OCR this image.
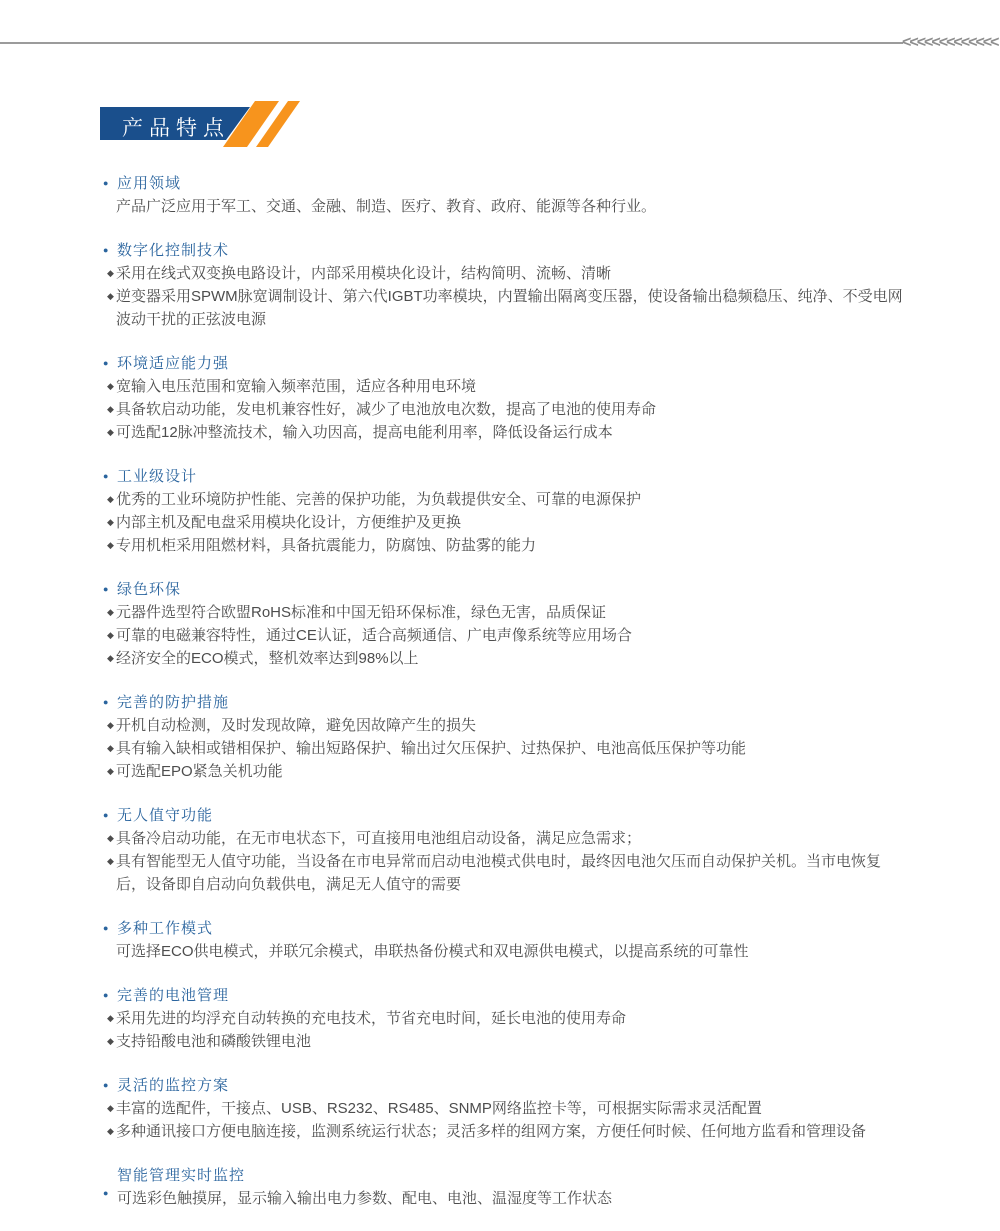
<<<<<<<<<<<<<
产品特点
● 应用领域

产品广泛应用于军工、交通、金融、制造、医疗、教育、政府、能源等各种行业。

● 数字化控制技术

◆ 采用在线式双变换电路设计，内部采用模块化设计，结构简明、流畅、清晰

◆ 逆变器采用SPWM脉宽调制设计、第六代IGBT功率模块，内置输出隔离变压器，使设备输出稳频稳压、纯净、不受电网波动干扰的正弦波电源

● 环境适应能力强

◆ 宽输入电压范围和宽输入频率范围，适应各种用电环境

◆ 具备软启动功能，发电机兼容性好，减少了电池放电次数，提高了电池的使用寿命

◆ 可选配12脉冲整流技术，输入功因高，提高电能利用率，降低设备运行成本

● 工业级设计

◆ 优秀的工业环境防护性能、完善的保护功能，为负载提供安全、可靠的电源保护

◆ 内部主机及配电盘采用模块化设计，方便维护及更换

◆ 专用机柜采用阻燃材料，具备抗震能力，防腐蚀、防盐雾的能力

● 绿色环保

◆ 元器件选型符合欧盟RoHS标准和中国无铅环保标准，绿色无害，品质保证

◆ 可靠的电磁兼容特性，通过CE认证，适合高频通信、广电声像系统等应用场合

◆ 经济安全的ECO模式，整机效率达到98%以上

● 完善的防护措施

◆ 开机自动检测，及时发现故障，避免因故障产生的损失

◆ 具有输入缺相或错相保护、输出短路保护、输出过欠压保护、过热保护、电池高低压保护等功能

◆ 可选配EPO紧急关机功能

● 无人值守功能

◆ 具备冷启动功能，在无市电状态下，可直接用电池组启动设备，满足应急需求；

◆ 具有智能型无人值守功能，当设备在市电异常而启动电池模式供电时，最终因电池欠压而自动保护关机。当市电恢复后，设备即自启动向负载供电，满足无人值守的需要

● 多种工作模式

可选择ECO供电模式，并联冗余模式，串联热备份模式和双电源供电模式，以提高系统的可靠性

● 完善的电池管理

◆ 采用先进的均浮充自动转换的充电技术，节省充电时间，延长电池的使用寿命

◆ 支持铅酸电池和磷酸铁锂电池

● 灵活的监控方案

◆ 丰富的选配件，干接点、USB、RS232、RS485、SNMP网络监控卡等，可根据实际需求灵活配置

◆ 多种通讯接口方便电脑连接，监测系统运行状态；灵活多样的组网方案，方便任何时候、任何地方监看和管理设备

智能管理实时监控

● 可选彩色触摸屏，显示输入输出电力参数、配电、电池、温湿度等工作状态
